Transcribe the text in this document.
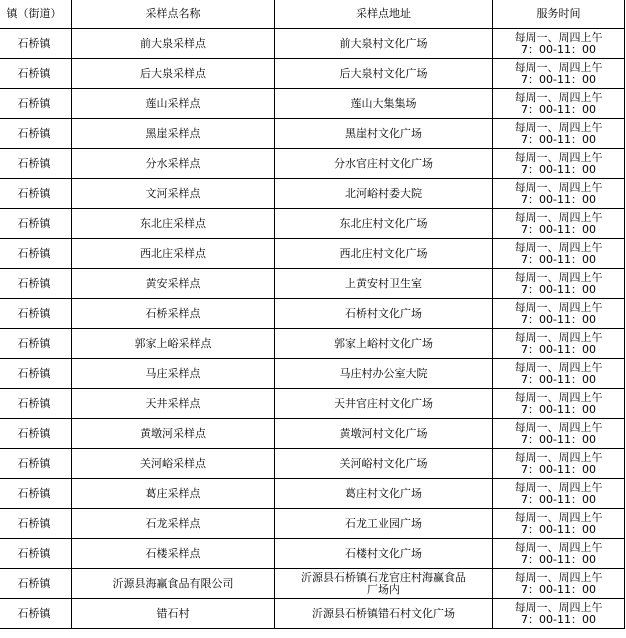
镇（街道）	采样点名称	采样点地址	服务时间
石桥镇	前大泉采样点	前大泉村文化广场	每周一、周四上午
7：00-11：00

石桥镇	后大泉采样点	后大泉村文化广场	每周一、周四上午
7：00-11：00

石桥镇	莲山采样点	莲山大集集场	每周一、周四上午
7：00-11：00

石桥镇	黑崖采样点	黑崖村文化广场	每周一、周四上午
7：00-11：00

石桥镇	分水采样点	分水官庄村文化广场	每周一、周四上午
7：00-11：00

石桥镇	文河采样点	北河峪村委大院	每周一、周四上午
7：00-11：00

石桥镇	东北庄采样点	东北庄村文化广场	每周一、周四上午
7：00-11：00

石桥镇	西北庄采样点	西北庄村文化广场	每周一、周四上午
7：00-11：00

石桥镇	黄安采样点	上黄安村卫生室	每周一、周四上午
7：00-11：00

石桥镇	石桥采样点	石桥村文化广场	每周一、周四上午
7：00-11：00

石桥镇	郭家上峪采样点	郭家上峪村文化广场	每周一、周四上午
7：00-11：00

石桥镇	马庄采样点	马庄村办公室大院	每周一、周四上午
7：00-11：00

石桥镇	天井采样点	天井官庄村文化广场	每周一、周四上午
7：00-11：00

石桥镇	黄墩河采样点	黄墩河村文化广场	每周一、周四上午
7：00-11：00

石桥镇	关河峪采样点	关河峪村文化广场	每周一、周四上午
7：00-11：00

石桥镇	葛庄采样点	葛庄村文化广场	每周一、周四上午
7：00-11：00

石桥镇	石龙采样点	石龙工业园广场	每周一、周四上午
7：00-11：00

石桥镇	石楼采样点	石楼村文化广场	每周一、周四上午
7：00-11：00

石桥镇	沂源县海赢食品有限公司	沂源县石桥镇石龙官庄村海赢食品
厂场内	每周一、周四上午
7：00-11：00

石桥镇	错石村	沂源县石桥镇错石村文化广场	每周一、周四上午
7：00-11：00
